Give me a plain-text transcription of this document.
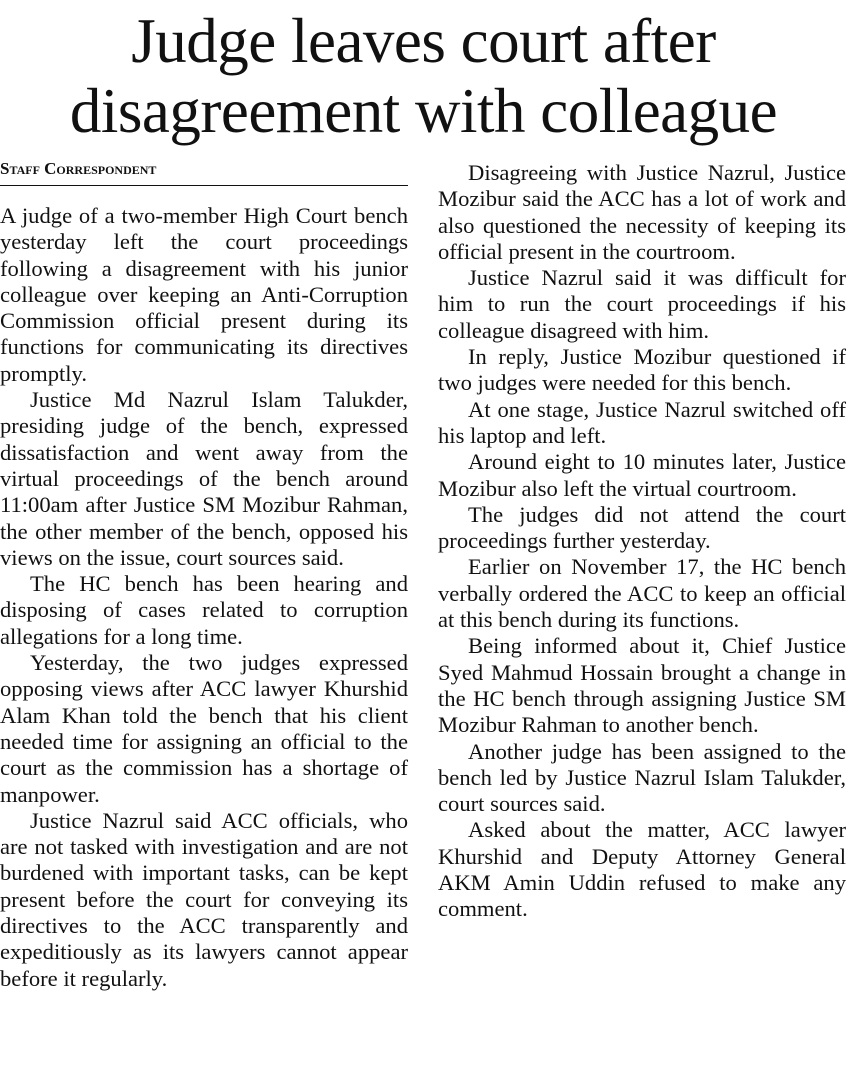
Judge leaves court after
disagreement with colleague
Staff Correspondent

A judge of a two-member High Court bench yesterday left the court proceedings following a disagreement with his junior colleague over keeping an Anti-Corruption Commission official present during its functions for communicating its directives promptly.

Justice Md Nazrul Islam Talukder, presiding judge of the bench, expressed dissatisfaction and went away from the virtual proceedings of the bench around 11:00am after Justice SM Mozibur Rahman, the other member of the bench, opposed his views on the issue, court sources said.

The HC bench has been hearing and disposing of cases related to corruption allegations for a long time.

Yesterday, the two judges expressed opposing views after ACC lawyer Khurshid Alam Khan told the bench that his client needed time for assigning an official to the court as the commission has a shortage of manpower.

Justice Nazrul said ACC officials, who are not tasked with investigation and are not burdened with important tasks, can be kept present before the court for conveying its directives to the ACC transparently and expeditiously as its lawyers cannot appear before it regularly.

Disagreeing with Justice Nazrul, Justice Mozibur said the ACC has a lot of work and also questioned the necessity of keeping its official present in the courtroom.

Justice Nazrul said it was difficult for him to run the court proceedings if his colleague disagreed with him.

In reply, Justice Mozibur questioned if two judges were needed for this bench.

At one stage, Justice Nazrul switched off his laptop and left.

Around eight to 10 minutes later, Justice Mozibur also left the virtual courtroom.

The judges did not attend the court proceedings further yesterday.

Earlier on November 17, the HC bench verbally ordered the ACC to keep an official at this bench during its functions.

Being informed about it, Chief Justice Syed Mahmud Hossain brought a change in the HC bench through assigning Justice SM Mozibur Rahman to another bench.

Another judge has been assigned to the bench led by Justice Nazrul Islam Talukder, court sources said.

Asked about the matter, ACC lawyer Khurshid and Deputy Attorney General AKM Amin Uddin refused to make any comment.
